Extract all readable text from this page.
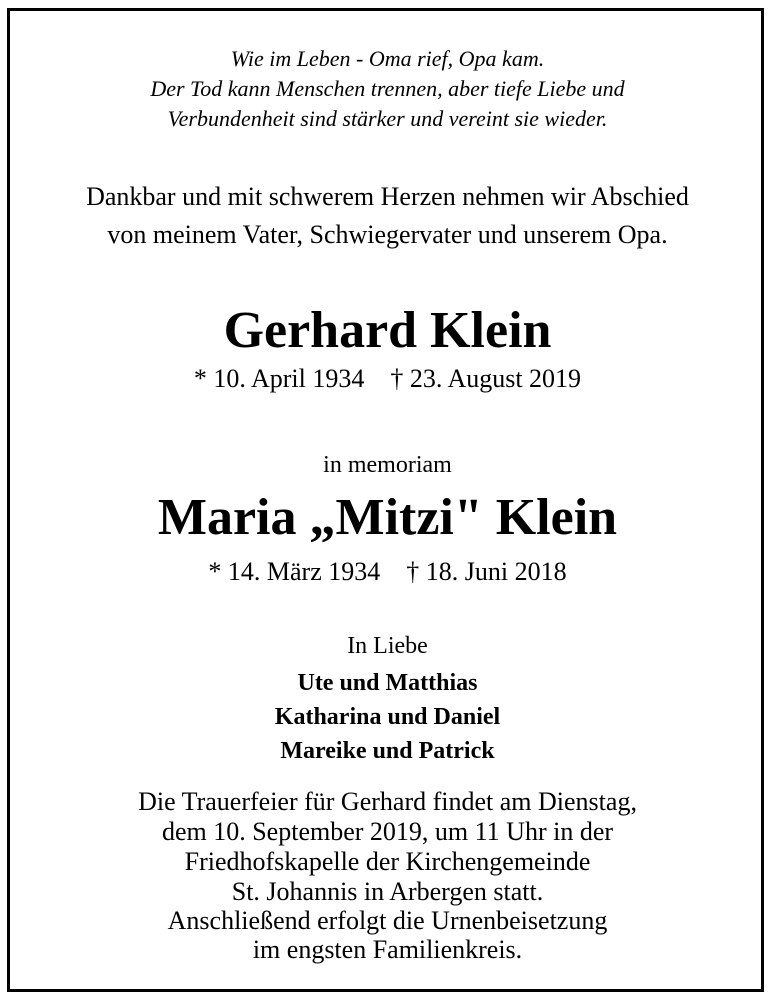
Wie im Leben - Oma rief, Opa kam.
Der Tod kann Menschen trennen, aber tiefe Liebe und
Verbundenheit sind stärker und vereint sie wieder.
Dankbar und mit schwerem Herzen nehmen wir Abschied
von meinem Vater, Schwiegervater und unserem Opa.
Gerhard Klein
* 10. April 1934 † 23. August 2019
in memoriam
Maria „Mitzi" Klein
* 14. März 1934 † 18. Juni 2018
In Liebe
Ute und Matthias
Katharina und Daniel
Mareike und Patrick
Die Trauerfeier für Gerhard findet am Dienstag,
dem 10. September 2019, um 11 Uhr in der
Friedhofskapelle der Kirchengemeinde
St. Johannis in Arbergen statt.
Anschließend erfolgt die Urnenbeisetzung
im engsten Familienkreis.
